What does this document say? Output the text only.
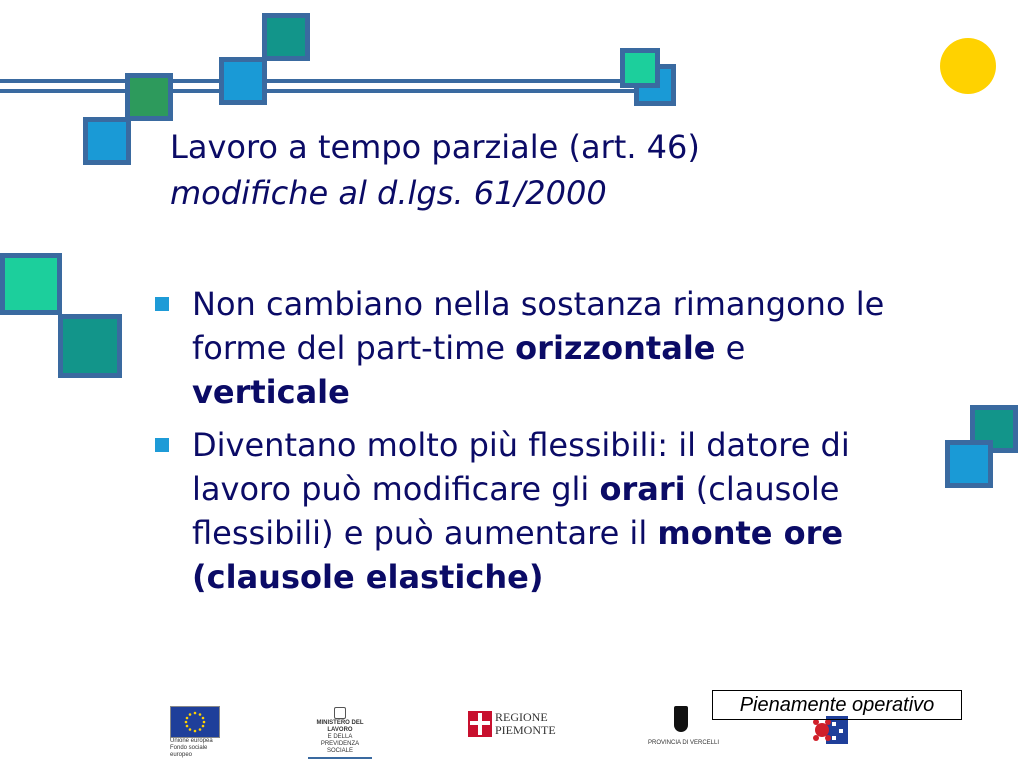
Lavoro a tempo parziale (art. 46)
modifiche al d.lgs. 61/2000
Non cambiano nella sostanza rimangono le forme del part-time orizzontale e
verticale
Diventano molto più flessibili: il datore di lavoro può modificare gli orari (clausole flessibili) e può aumentare il monte ore (clausole elastiche)
Unione europea Fondo sociale europeo
MINISTERO DEL LAVORO
E DELLA PREVIDENZA SOCIALE
REGIONE
PIEMONTE
PROVINCIA DI VERCELLI
Pienamente operativo
